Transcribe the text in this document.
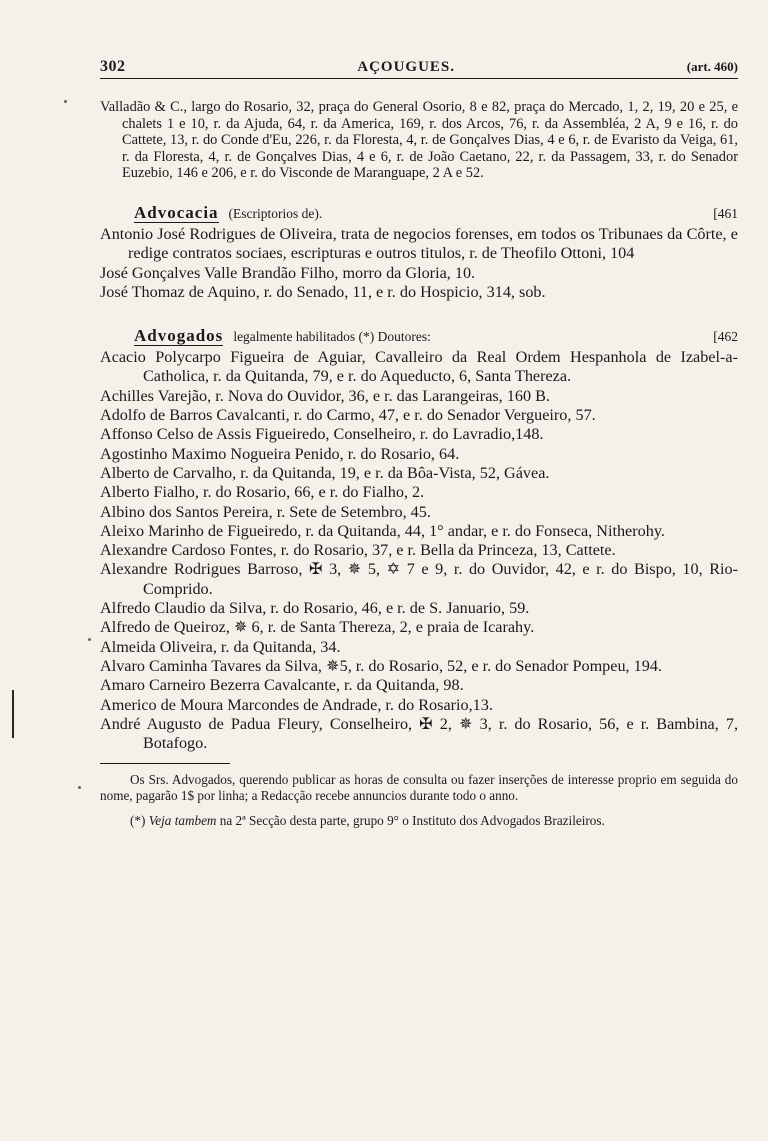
302	AÇOUGUES.	(art. 460)

Valladão & C., largo do Rosario, 32, praça do General Osorio, 8 e 82, praça do Mercado, 1, 2, 19, 20 e 25, e chalets 1 e 10, r. da Ajuda, 64, r. da America, 169, r. dos Arcos, 76, r. da Assembléa, 2 A, 9 e 16, r. do Cattete, 13, r. do Conde d'Eu, 226, r. da Floresta, 4, r. de Gonçalves Dias, 4 e 6, r. de Evaristo da Veiga, 61, r. da Floresta, 4, r. de Gonçalves Dias, 4 e 6, r. de João Caetano, 22, r. da Passagem, 33, r. do Senador Euzebio, 146 e 206, e r. do Visconde de Maranguape, 2 A e 52.

Advocacia (Escriptorios de).	[461

Antonio José Rodrigues de Oliveira, trata de negocios forenses, em todos os Tribunaes da Côrte, e redige contratos sociaes, escripturas e outros titulos, r. de Theofilo Ottoni, 104

José Gonçalves Valle Brandão Filho, morro da Gloria, 10.

José Thomaz de Aquino, r. do Senado, 11, e r. do Hospicio, 314, sob.

Advogados legalmente habilitados (*) Doutores:	[462

Acacio Polycarpo Figueira de Aguiar, Cavalleiro da Real Ordem Hespanhola de Izabel-a-Catholica, r. da Quitanda, 79, e r. do Aqueducto, 6, Santa Thereza.

Achilles Varejão, r. Nova do Ouvidor, 36, e r. das Larangeiras, 160 B.

Adolfo de Barros Cavalcanti, r. do Carmo, 47, e r. do Senador Vergueiro, 57.

Affonso Celso de Assis Figueiredo, Conselheiro, r. do Lavradio,148.

Agostinho Maximo Nogueira Penido, r. do Rosario, 64.

Alberto de Carvalho, r. da Quitanda, 19, e r. da Bôa-Vista, 52, Gávea.

Alberto Fialho, r. do Rosario, 66, e r. do Fialho, 2.

Albino dos Santos Pereira, r. Sete de Setembro, 45.

Aleixo Marinho de Figueiredo, r. da Quitanda, 44, 1° andar, e r. do Fonseca, Nitherohy.

Alexandre Cardoso Fontes, r. do Rosario, 37, e r. Bella da Princeza, 13, Cattete.

Alexandre Rodrigues Barroso, ✠ 3, ✵ 5, ✡ 7 e 9, r. do Ouvidor, 42, e r. do Bispo, 10, Rio-Comprido.

Alfredo Claudio da Silva, r. do Rosario, 46, e r. de S. Januario, 59.

Alfredo de Queiroz, ✵ 6, r. de Santa Thereza, 2, e praia de Icarahy.

Almeida Oliveira, r. da Quitanda, 34.

Alvaro Caminha Tavares da Silva, ✵5, r. do Rosario, 52, e r. do Senador Pompeu, 194.

Amaro Carneiro Bezerra Cavalcante, r. da Quitanda, 98.

Americo de Moura Marcondes de Andrade, r. do Rosario,13.

André Augusto de Padua Fleury, Conselheiro, ✠ 2, ✵ 3, r. do Rosario, 56, e r. Bambina, 7, Botafogo.

Os Srs. Advogados, querendo publicar as horas de consulta ou fazer inserções de interesse proprio em seguida do nome, pagarão 1$ por linha; a Redacção recebe annuncios durante todo o anno.

(*) Veja tambem na 2ª Secção desta parte, grupo 9° o Instituto dos Advogados Brazileiros.
